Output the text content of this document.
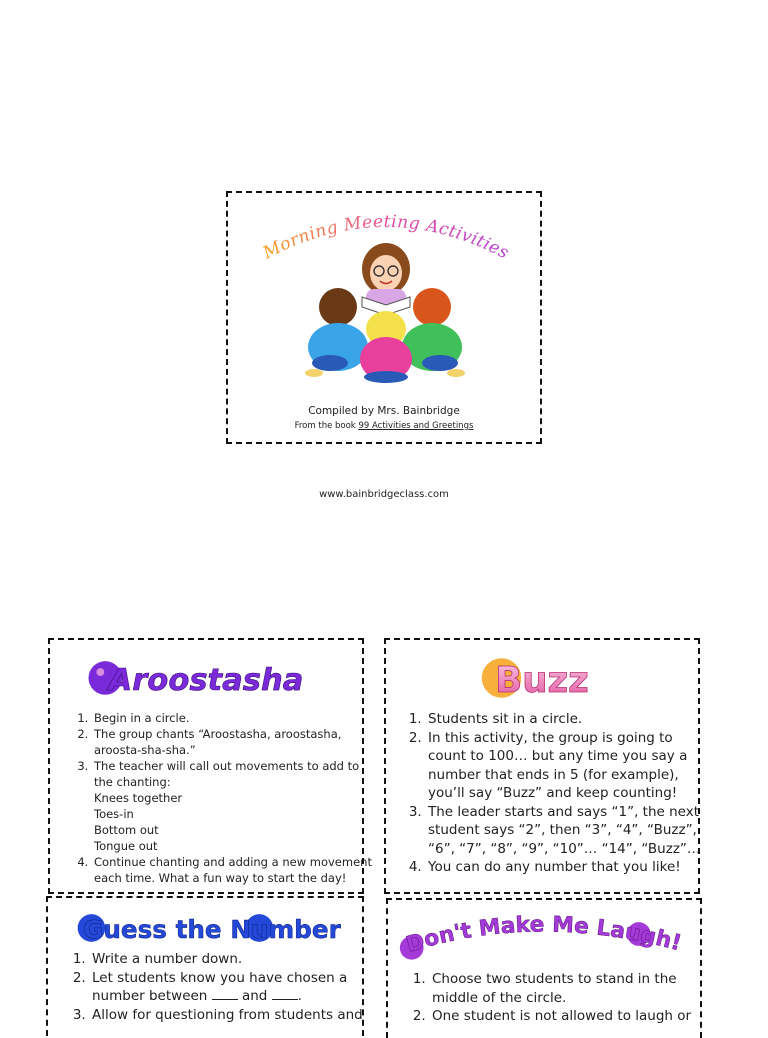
Morning Meeting Activities
Compiled by Mrs. Bainbridge
From the book 99 Activities and Greetings
www.bainbridgeclass.com
Aroostasha
1. Begin in a circle.
2. The group chants “Aroostasha, aroostasha, aroosta-sha-sha.”
3. The teacher will call out movements to add to the chanting:
Knees together
Toes-in
Bottom out
Tongue out
4. Continue chanting and adding a new movement each time. What a fun way to start the day!
Buzz
1. Students sit in a circle.
2. In this activity, the group is going to count to 100… but any time you say a number that ends in 5 (for example), you’ll say “Buzz” and keep counting!
3. The leader starts and says “1”, the next student says “2”, then “3”, “4”, “Buzz”, “6”, “7”, “8”, “9”, “10”… “14”, “Buzz”…
4. You can do any number that you like!
Guess the Number
1. Write a number down.
2. Let students know you have chosen a number between  and .
3. Allow for questioning from students and
Don't Make Me Laugh!
1. Choose two students to stand in the middle of the circle.
2. One student is not allowed to laugh or
